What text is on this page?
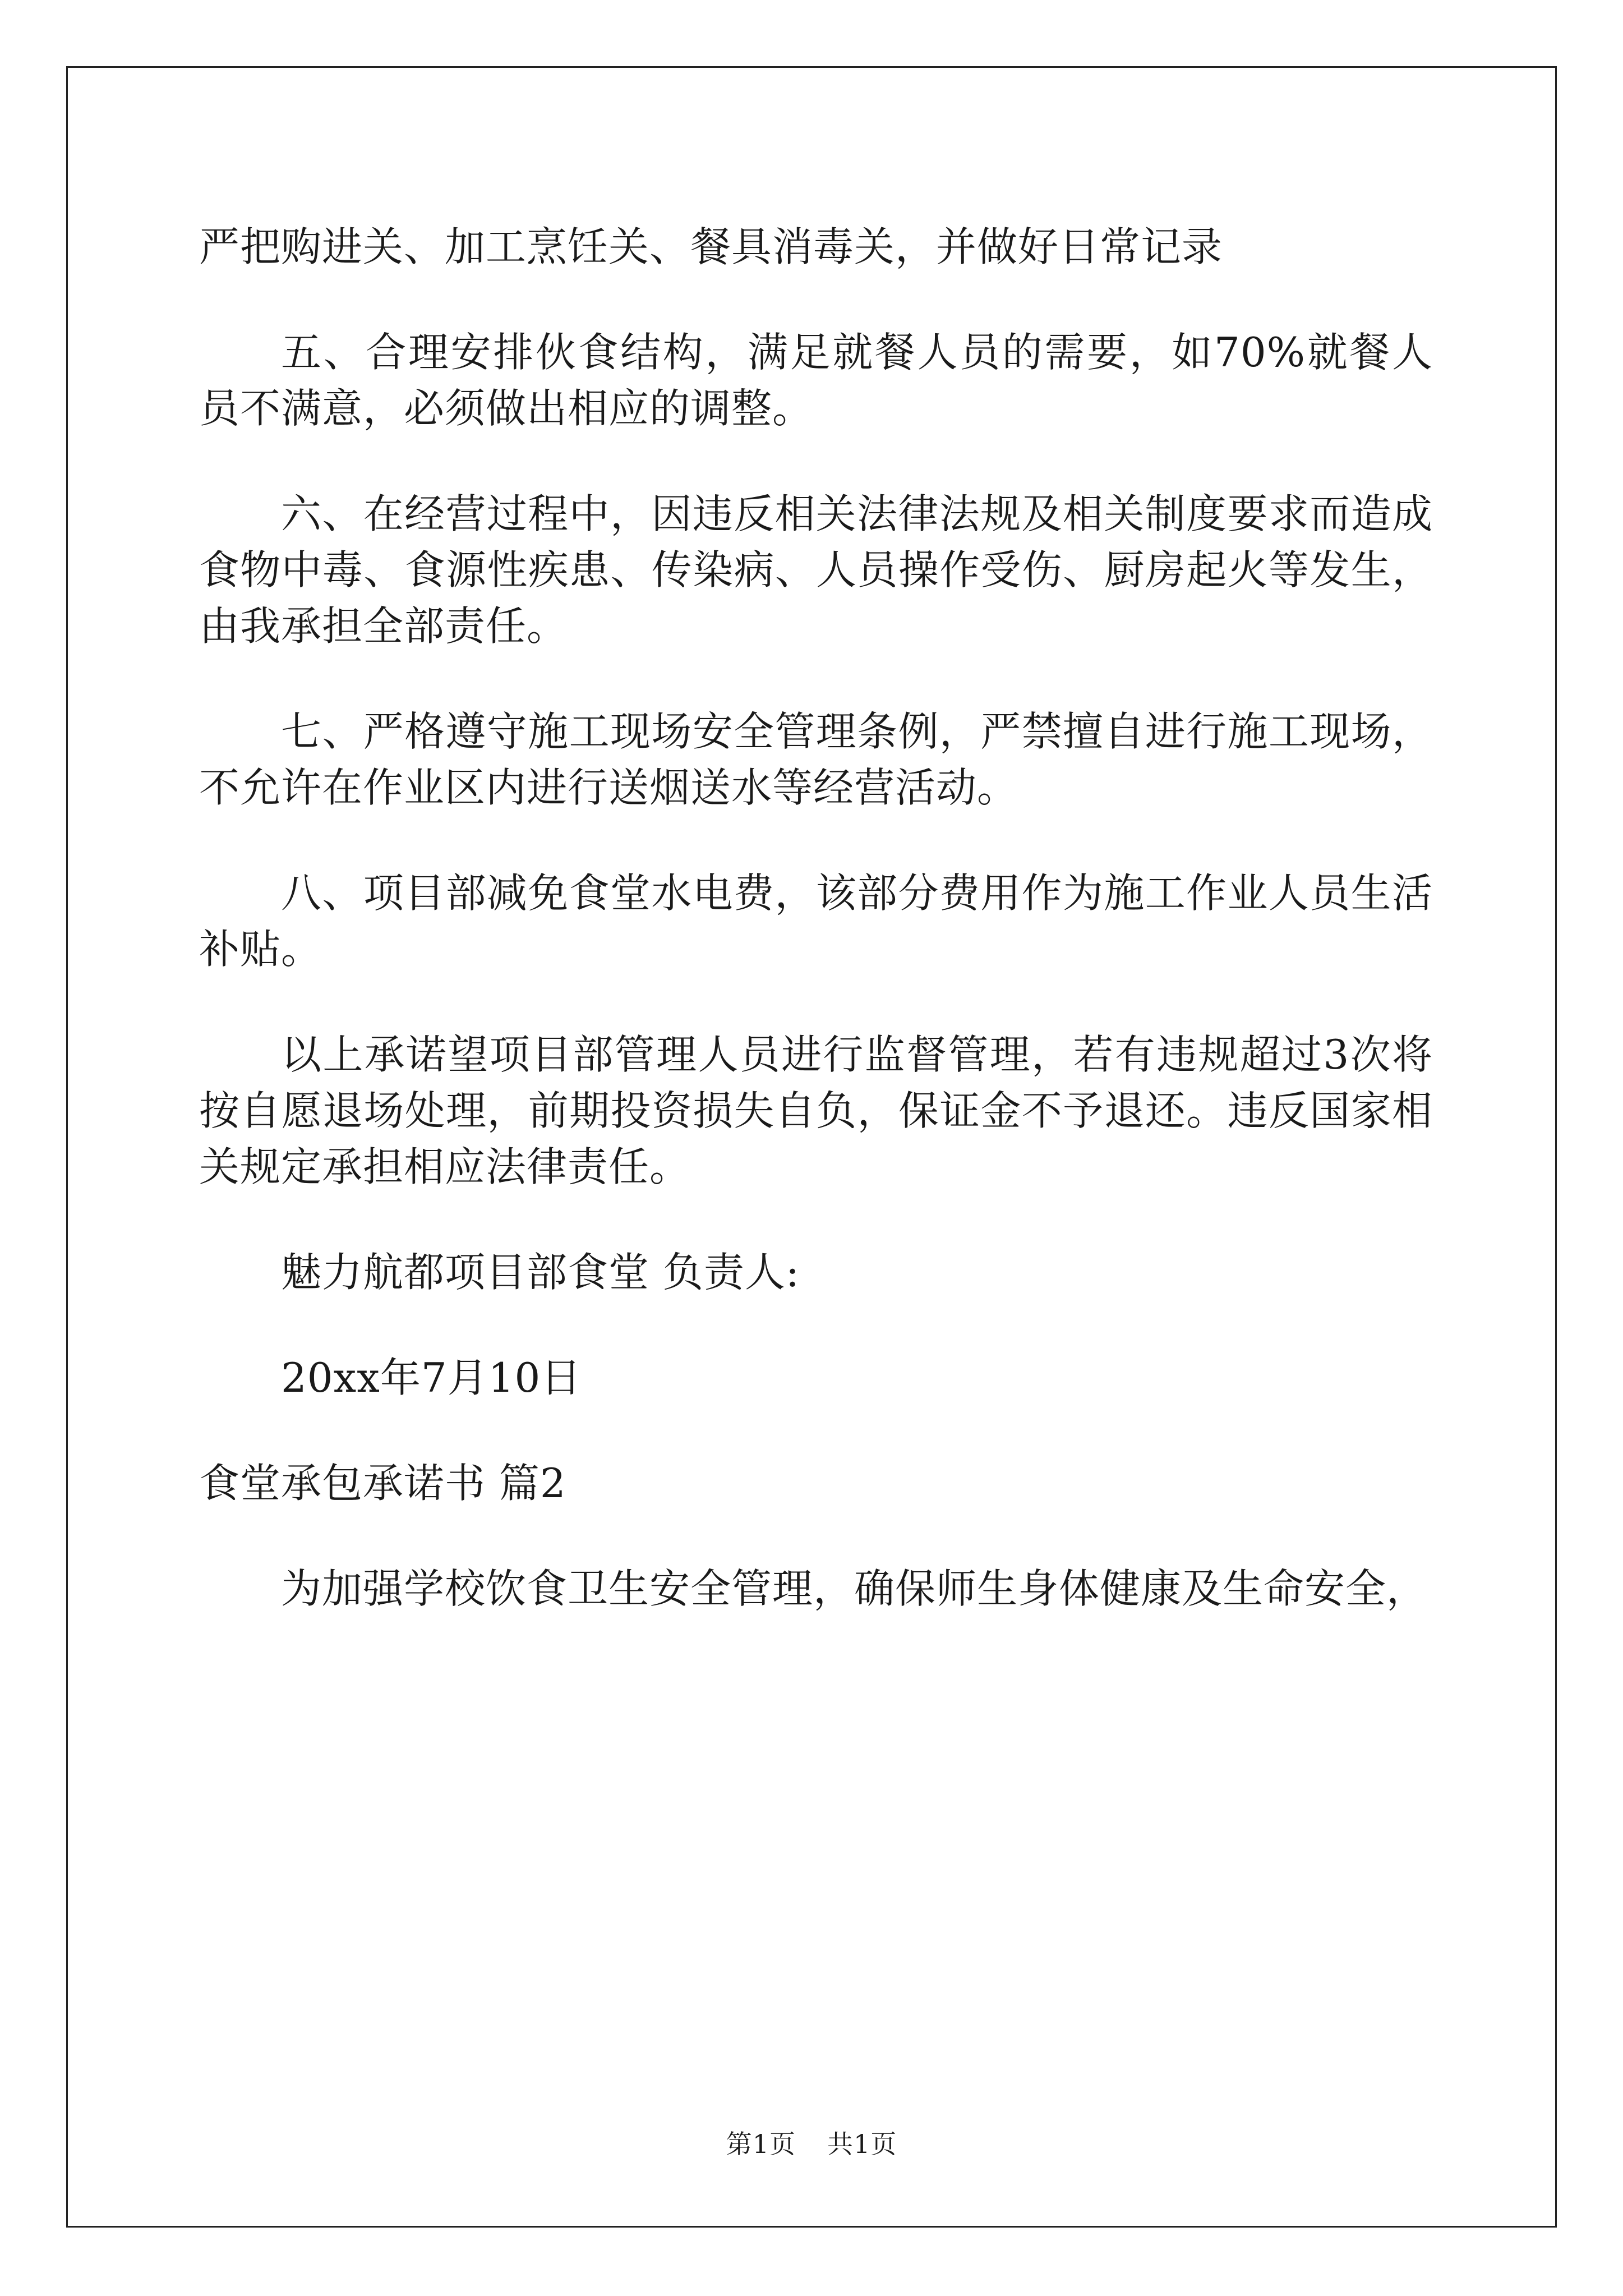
严把购进关、加工烹饪关、餐具消毒关，并做好日常记录

五、合理安排伙食结构，满足就餐人员的需要，如70%就餐人员不满意，必须做出相应的调整。

六、在经营过程中，因违反相关法律法规及相关制度要求而造成食物中毒、食源性疾患、传染病、人员操作受伤、厨房起火等发生，由我承担全部责任。

七、严格遵守施工现场安全管理条例，严禁擅自进行施工现场，不允许在作业区内进行送烟送水等经营活动。

八、项目部减免食堂水电费，该部分费用作为施工作业人员生活补贴。

以上承诺望项目部管理人员进行监督管理，若有违规超过3次将按自愿退场处理，前期投资损失自负，保证金不予退还。违反国家相关规定承担相应法律责任。

魅力航都项目部食堂 负责人:

20xx年7月10日

食堂承包承诺书 篇2

为加强学校饮食卫生安全管理，确保师生身体健康及生命安全，

第1页 共1页
